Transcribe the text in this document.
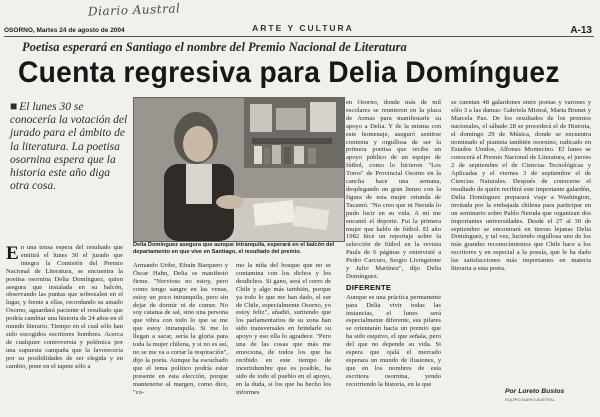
Diario Austral
OSORNO, Martes 24 de agosto de 2004	ARTE Y CULTURA	A-13
Poetisa esperará en Santiago el nombre del Premio Nacional de Literatura
Cuenta regresiva para Delia Domínguez
■ El lunes 30 se conocería la votación del jurado para el ámbito de la literatura. La poetisa osornina espera que la historia este año diga otra cosa.
Delia Domínguez asegura que aunque intranquila, esperará en el balcón del departamento en que vive en Santiago, el resultado del premio.

En una tensa espera del resultado que emitirá el lunes 30 el jurado que integra la Comisión del Premio Nacional de Literatura, se encuentra la poetisa osornina Delia Domínguez, quien asegura que instalada en su balcón, observando las puntas que sobresalen en el lugar, y frente a ellas, recordando su amado Osorno, aguardará paciente el resultado que podría cambiar una historia de 24 años en el mundo literario. Tiempo en el cual sólo han sido escogidos escritores hombres. Acerca de cualquier controversia y polémica por una supuesta campaña que la favorecería por su posibilidades de ser elegida y en cambio, pone en el tapete sólo a

Armando Uribe, Efraín Barquero y Óscar Hahn, Delia se manifestó firme. "Nervioso no estoy, pero como tengo sangre en las venas, estoy un poco intranquila, pero sin dejar de dormir ni de comer. No soy catatua de sal, sino una persona que vibra con todo lo que se me que estoy intranquila. Si me lo llegan a sacar, sería la gloria para toda la mujer chilena, y si no es así, no se me va a cortar la respiración", dijo la poeta. Aunque ha escuchado que el tema político podría estar presente en esta elección, porque mantenerse al margen, como dice, "co-

mo la niña del bosque que no se contamina con los dichos y los desdichos. Si gano, será el cerro de Chile y algo más también, porque ya todo lo que me han dado, el sur de Chile, especialmente Osorno, yo estoy feliz", añadió, surtiendo que los parlamentarios de su zona han sido transversales en brindarle su apoyo y eso ella lo agradece. "Pero una de las cosas que más me emociona, de todos los que ha recibido en este tiempo de incertidumbre que es posible, ha sido de todo el pueblo en el apoyo, en la duda, si los que ha hecho los informes

en Osorno, donde más de mil escolares se reunieron en la plaza de Armas para manifestarle su apoyo a Delia. Y de la misma con este homenaje, aseguró sentirse contenta y orgullosa de ser la primera poetisa que recibe un apoyo público de un equipo de fútbol, como lo hicieron "Los Toros" de Provincial Osorno en la cancha hace una semana, desplegando un gran lienzo con la figura de esta mujer oriunda de Tacamó. "No creo que ni Neruda lo pudo lucir en su vida. A mí me encantó el deporte. Fui la primera mujer que hablo de fútbol. El año 1982 hice un reportaje sobre la selección de fútbol en la revista Paula de 6 páginas y entrevisté a Pedro Carcuro, Sergio Livingstone y Julio Martínez", dijo Delia Domínguez.

DIFERENTE

Aunque es una práctica permanente para Delia vivir todas las instancias, el lunes será especialmente diferente, sus pilares se orientarán hacia un premio que ha sido esquivo, el que señala, pero del que no depende su vida. Si espera que ojalá el mercado esperara un mundo de ilusiones, y que en los nombres de esta escritora osornina, yendo recorriendo la historia, en la que

se cuentan 48 galardones entre poetas y varones y sólo 3 a las damas: Gabriela Mistral, Marta Brunet y Marcela Paz. De los resultados de los premios nacionales, el sábado 28 se procederá el de Historia, el domingo 29 de Música, donde se encuentra nominado el pianista también osornino, radicado en Estados Unidos, Alfonso Montecino. El lunes se conocerá el Premio Nacional de Literatura, el jueves 2 de septiembre el de Ciencias Tecnológicas y Aplicadas y el viernes 3 de septiembre el de Ciencias Naturales. Después de conocerse el resultado de quién recibirá este importante galardón, Delia Domínguez preparará viaje a Washington, invitada por la embajada chilena para participar en un seminario sobre Pablo Neruda que organizan dos importantes universidades. Desde el 27 al 30 de septiembre se encontrará en tierras lejanas Delia Domínguez, y tal vez, luciendo orgullosa uno de los más grandes reconocimientos que Chile hace a los escritores y en especial a la poesía, que le ha dado las satisfacciones más importantes en materia literaria a esta poeta.

Por Loreto Bustos
EQUIPO DIARIO AUSTRAL
